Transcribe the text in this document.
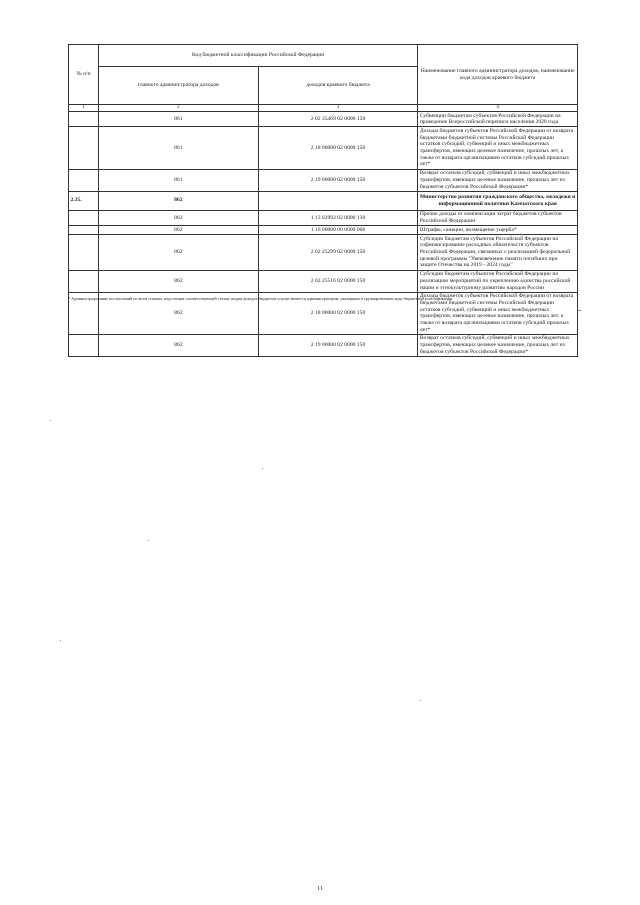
№ п/п	Код бюджетной классификации Российской Федерации		Наименование главного администратора доходов, наименование кода доходов краевого бюджета
	главного администратора доходов	доходов краевого бюджета	
1	2	3	4
	861	2 02 35469 02 0000 150	Субвенции бюджетам субъектов Российской Федерации на проведение Всероссийской переписи населения 2020 года
	861	2 18 00000 02 0000 150	Доходы бюджетов субъектов Российской Федерации от возврата бюджетами бюджетной системы Российской Федерации остатков субсидий, субвенций и иных межбюджетных трансфертов, имеющих целевое назначение, прошлых лет, а также от возврата организациями остатков субсидий прошлых лет*
	861	2 19 00000 02 0000 150	Возврат остатков субсидий, субвенций и иных межбюджетных трансфертов, имеющих целевое назначение, прошлых лет из бюджетов субъектов Российской Федерации*
2.35.	862		Министерство развития гражданского общества, молодежи и информационной политики Камчатского края
	862	1 13 02992 02 0000 130	Прочие доходы от компенсации затрат бюджетов субъектов Российской Федерации
	862	1 16 00000 00 0000 000	Штрафы, санкции, возмещение ущерба*
	862	2 02 25299 02 0000 150	Субсидии бюджетам субъектов Российской Федерации на софинансирование расходных обязательств субъектов Российской Федерации, связанных с реализацией федеральной целевой программы "Увековечение памяти погибших при защите Отечества на 2019 - 2024 годы"
	862	2 02 25516 02 0000 150	Субсидии бюджетам субъектов Российской Федерации на реализацию мероприятий по укреплению единства российской нации и этнокультурному развитию народов России
	862	2 18 00000 02 0000 150	Доходы бюджетов субъектов Российской Федерации от возврата бюджетами бюджетной системы Российской Федерации остатков субсидий, субвенций и иных межбюджетных трансфертов, имеющих целевое назначение, прошлых лет, а также от возврата организациями остатков субсидий прошлых лет*
	862	2 19 00000 02 0000 150	Возврат остатков субсидий, субвенций и иных межбюджетных трансфертов, имеющих целевое назначение, прошлых лет из бюджетов субъектов Российской Федерации*
* Администрирование поступлений по всем статьям, подстатьям соответствующей статьи, видам доходов бюджетов осуществляется администратором, указанным в группировочном коде бюджетной классификации
11
